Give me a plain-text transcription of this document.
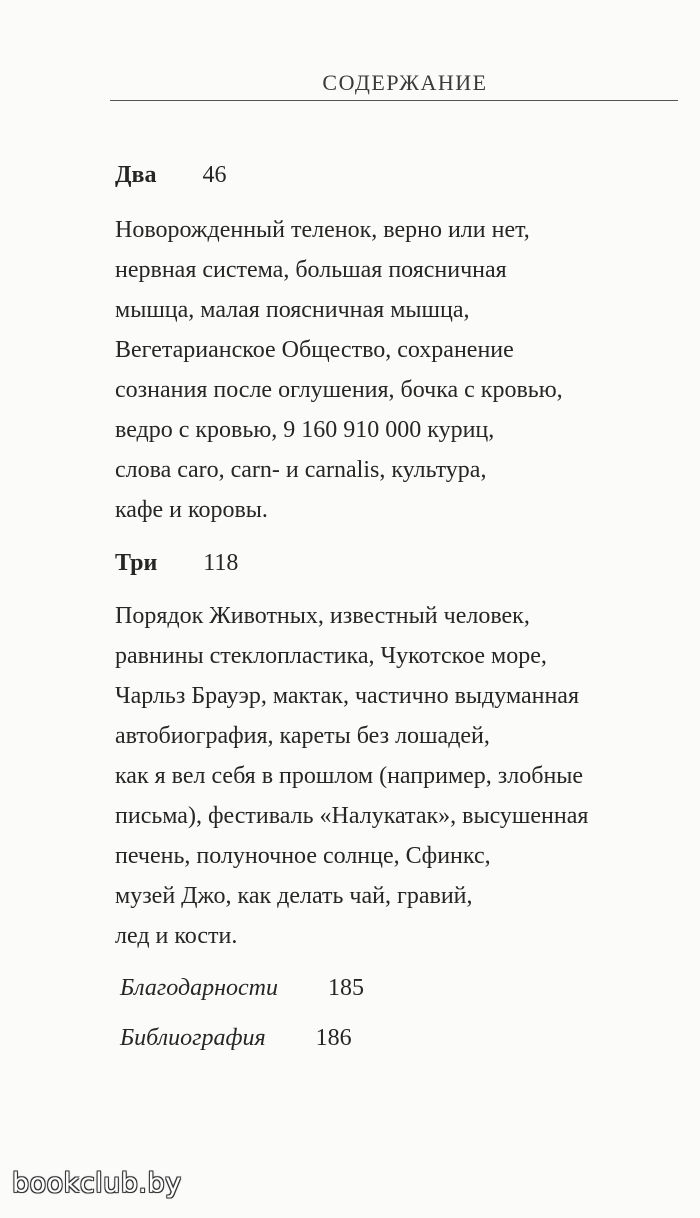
СОДЕРЖАНИЕ
Два 46
Новорожденный теленок, верно или нет,
нервная система, большая поясничная
мышца, малая поясничная мышца,
Вегетарианское Общество, сохранение
сознания после оглушения, бочка с кровью,
ведро с кровью, 9 160 910 000 куриц,
слова caro, carn- и carnalis, культура,
кафе и коровы.
Три 118
Порядок Животных, известный человек,
равнины стеклопластика, Чукотское море,
Чарльз Брауэр, мактак, частично выдуманная
автобиография, кареты без лошадей,
как я вел себя в прошлом (например, злобные
письма), фестиваль «Налукатак», высушенная
печень, полуночное солнце, Сфинкс,
музей Джо, как делать чай, гравий,
лед и кости.
Благодарности 185
Библиография 186
bookclub.by
